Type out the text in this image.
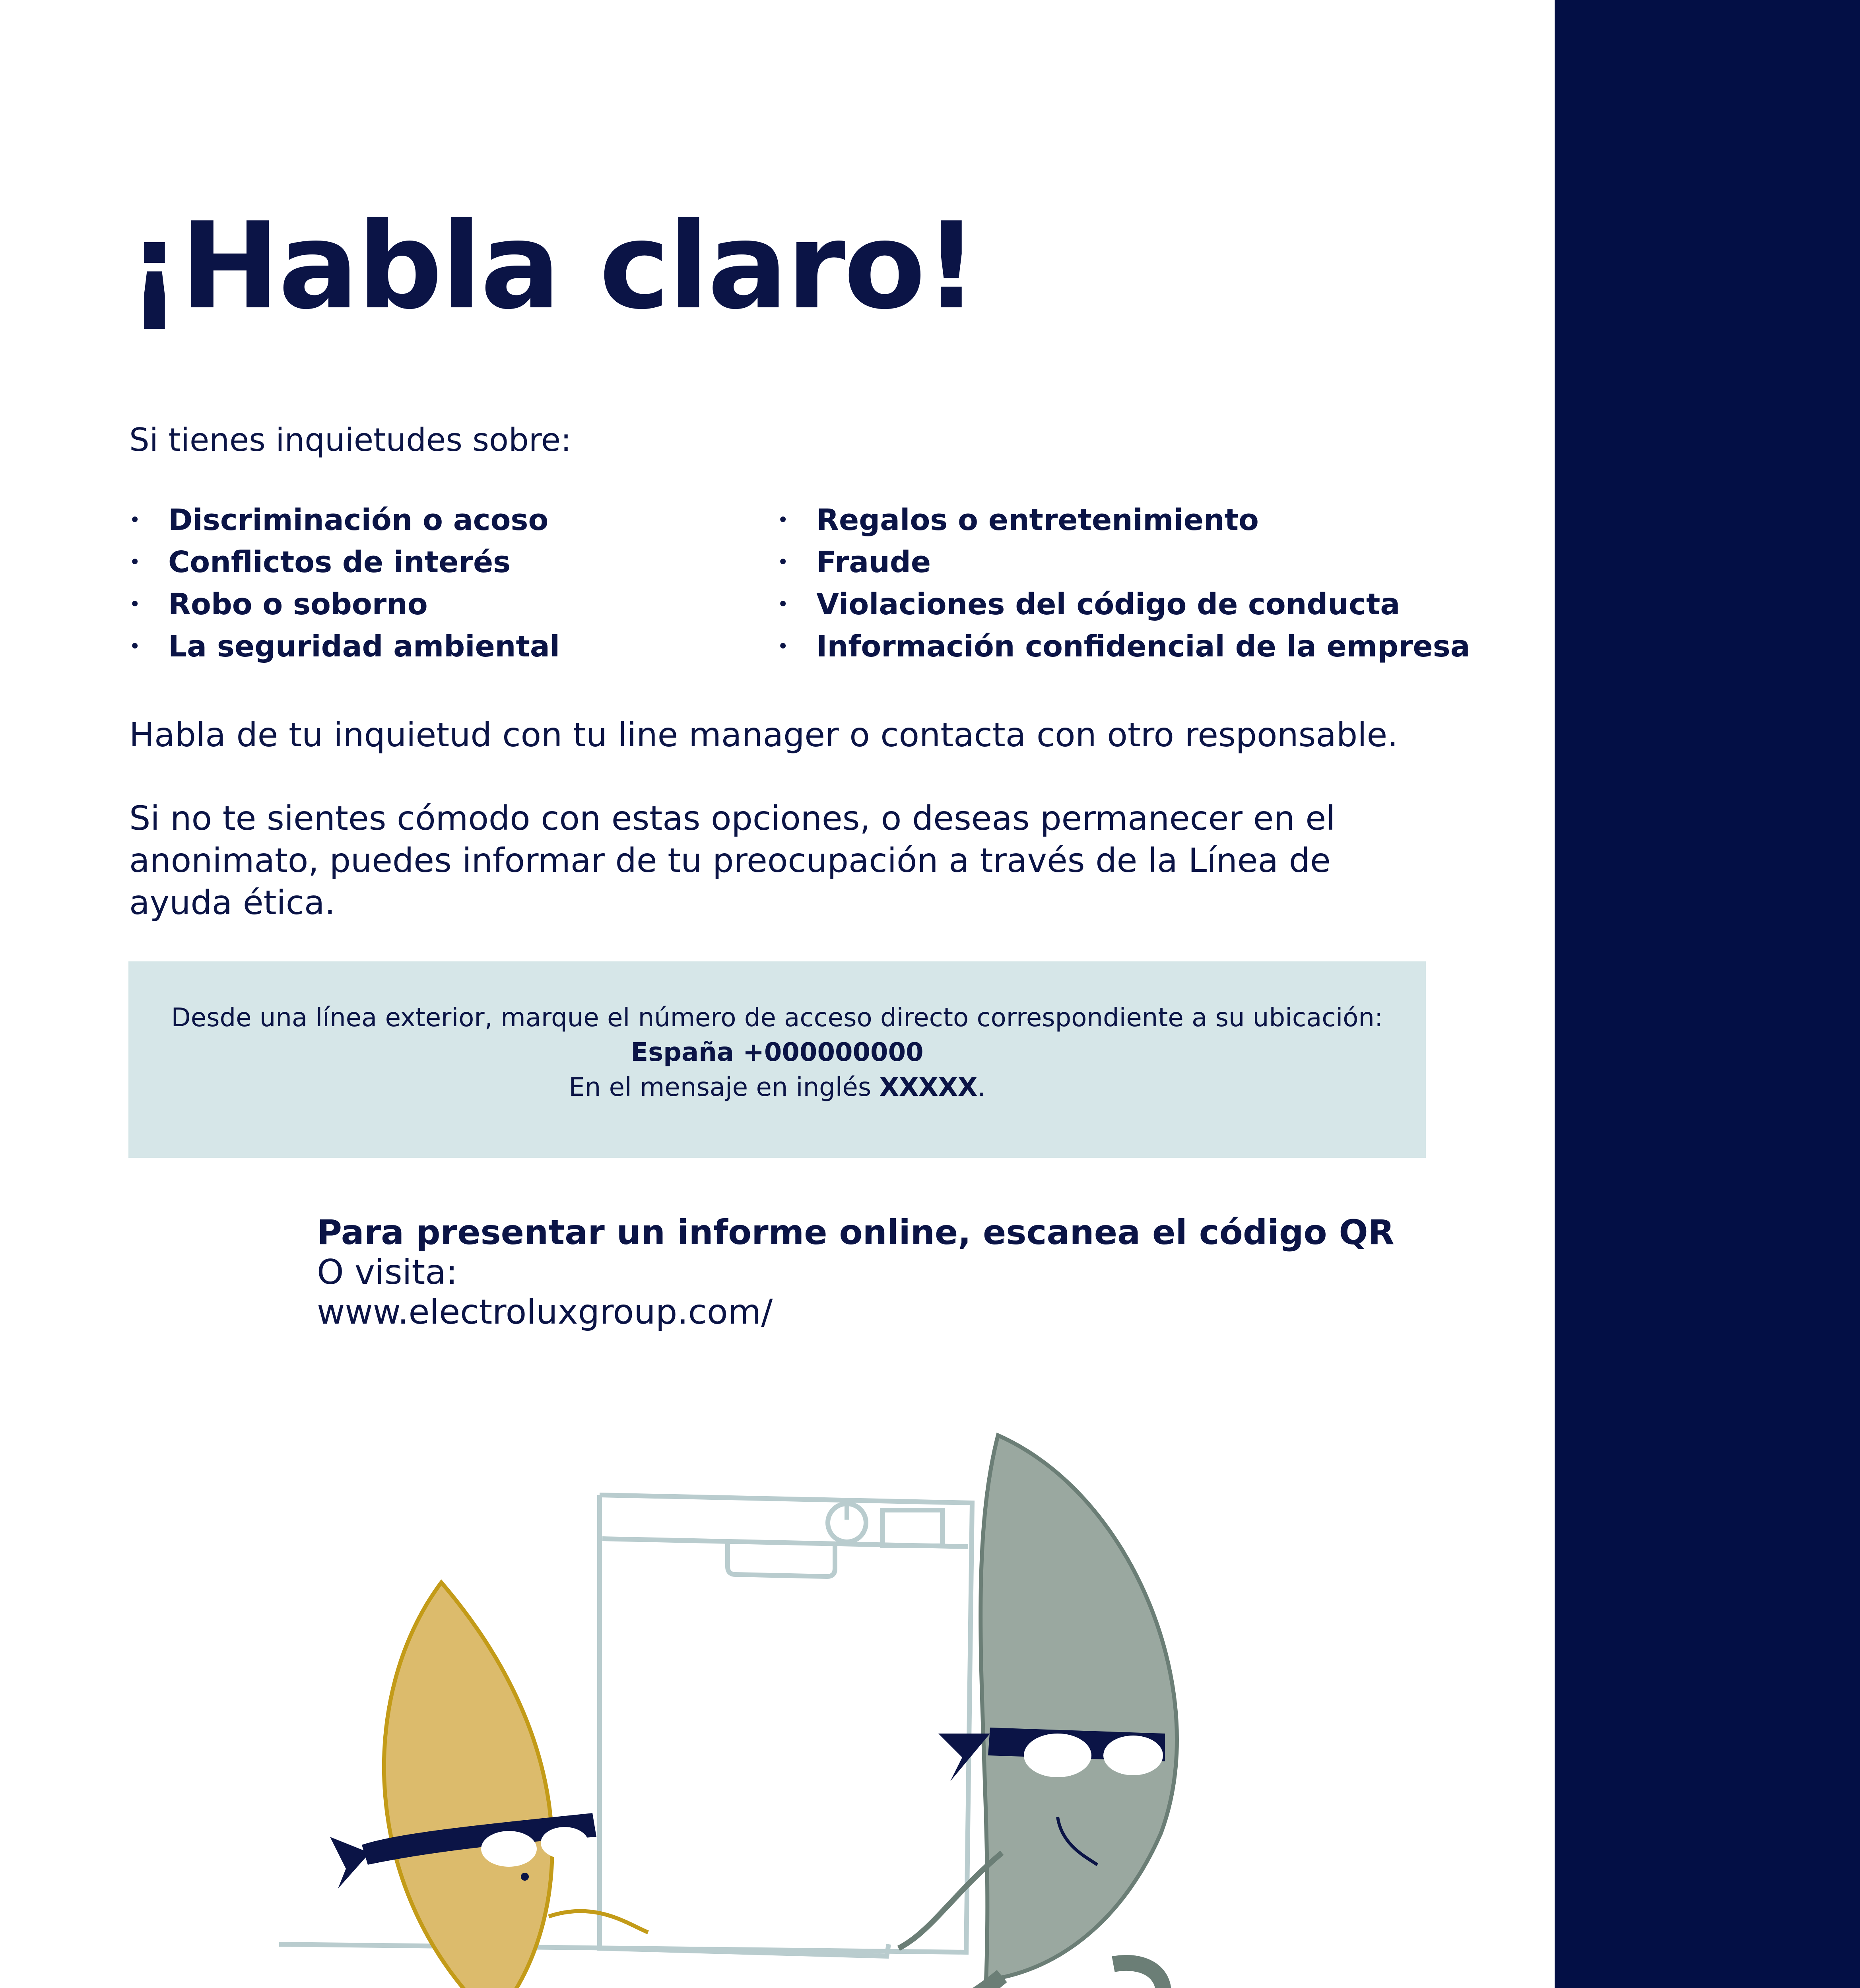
¡Habla claro!
Si tienes inquietudes sobre:
• Discriminación o acoso
• Conflictos de interés
• Robo o soborno
• La seguridad ambiental
• Regalos o entretenimiento
• Fraude
• Violaciones del código de conducta
• Información confidencial de la empresa

Habla de tu inquietud con tu line manager o contacta con otro responsable.

Si no te sientes cómodo con estas opciones, o deseas permanecer en el anonimato, puedes informar de tu preocupación a través de la Línea de ayuda ética.

Desde una línea exterior, marque el número de acceso directo correspondiente a su ubicación:
España +000000000
En el mensaje en inglés XXXXX.
Para presentar un informe online, escanea el código QR
O visita:
www.electroluxgroup.com/
